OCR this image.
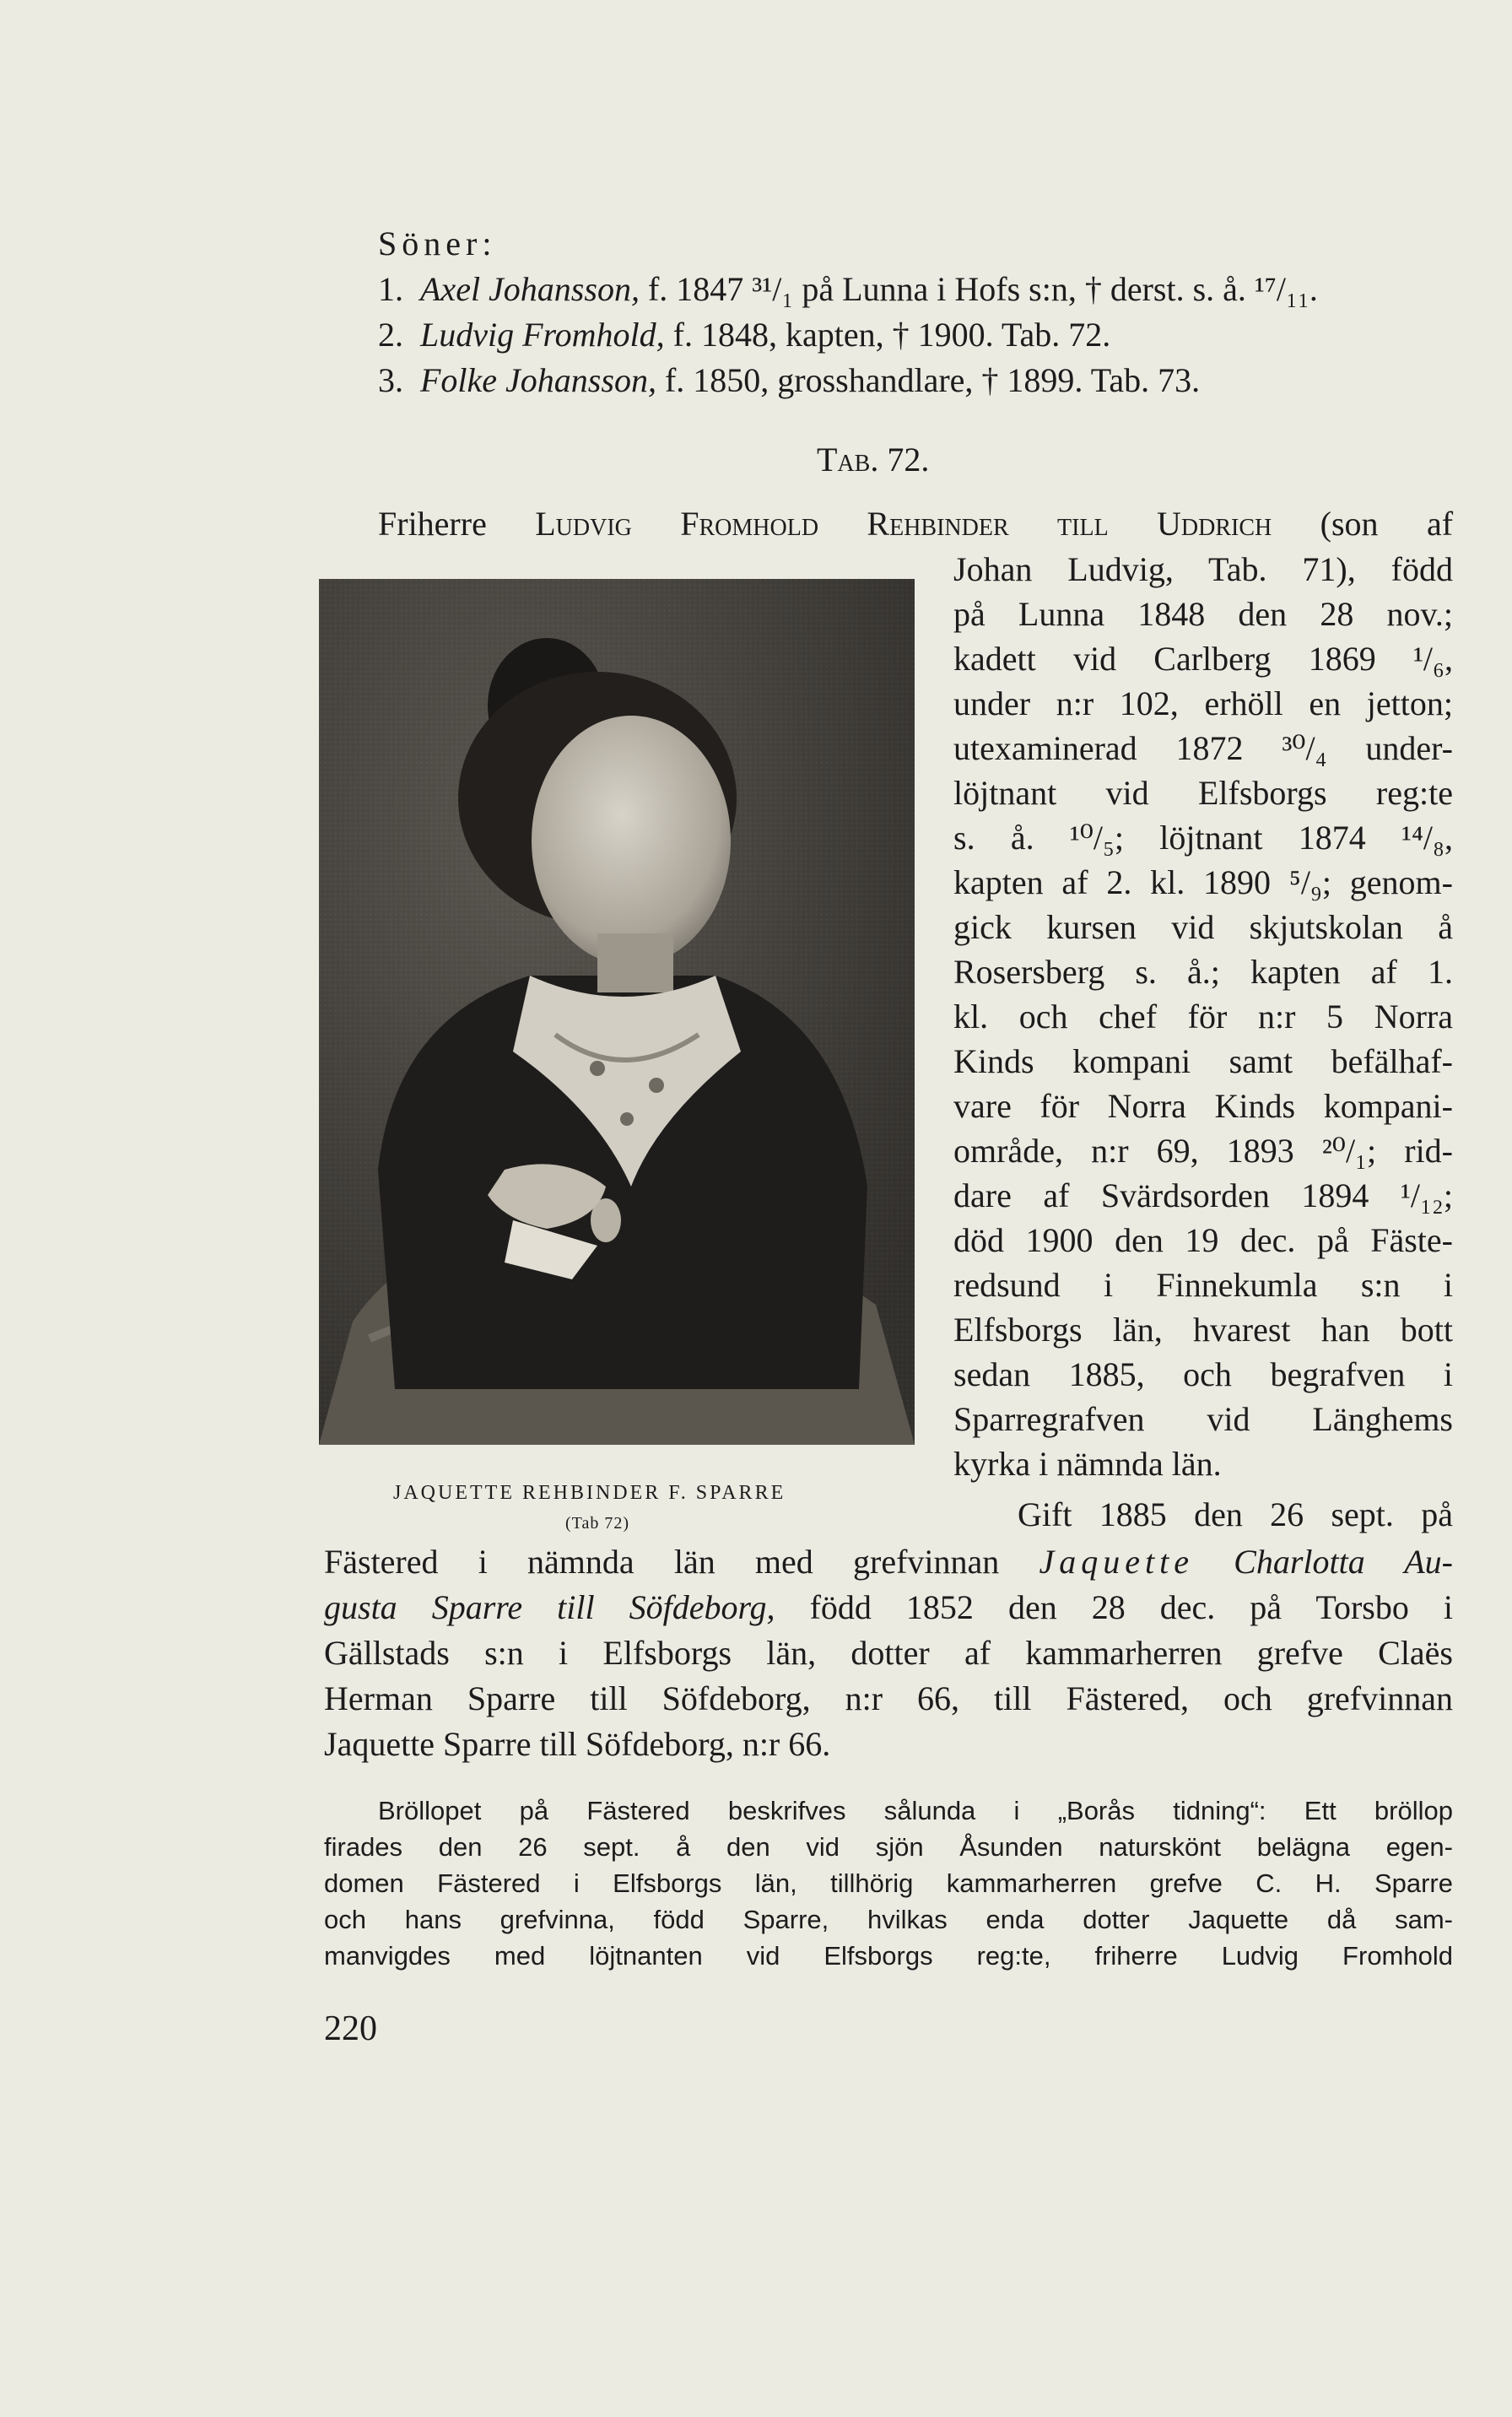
Söner:
1. Axel Johansson, f. 1847 ³¹/₁ på Lunna i Hofs s:n, † derst. s. å. ¹⁷/₁₁.
2. Ludvig Fromhold, f. 1848, kapten, † 1900. Tab. 72.
3. Folke Johansson, f. 1850, grosshandlare, † 1899. Tab. 73.
Tab. 72.
Friherre Ludvig Fromhold Rehbinder till Uddrich (son af
JAQUETTE REHBINDER F. SPARRE
(Tab 72)
Johan Ludvig, Tab. 71), född
på Lunna 1848 den 28 nov.;
kadett vid Carlberg 1869 ¹/₆,
under n:r 102, erhöll en jetton;
utexaminerad 1872 ³⁰/₄ under-
löjtnant vid Elfsborgs reg:te
s. å. ¹⁰/₅; löjtnant 1874 ¹⁴/₈,
kapten af 2. kl. 1890 ⁵/₉; genom-
gick kursen vid skjutskolan å
Rosersberg s. å.; kapten af 1.
kl. och chef för n:r 5 Norra
Kinds kompani samt befälhaf-
vare för Norra Kinds kompani-
område, n:r 69, 1893 ²⁰/₁; rid-
dare af Svärdsorden 1894 ¹/₁₂;
död 1900 den 19 dec. på Fäste-
redsund i Finnekumla s:n i
Elfsborgs län, hvarest han bott
sedan 1885, och begrafven i
Sparregrafven vid Länghems
kyrka i nämnda län.
Gift 1885 den 26 sept. på
Fästered i nämnda län med grefvinnan Jaquette Charlotta Au-
gusta Sparre till Söfdeborg, född 1852 den 28 dec. på Torsbo i
Gällstads s:n i Elfsborgs län, dotter af kammarherren grefve Claës
Herman Sparre till Söfdeborg, n:r 66, till Fästered, och grefvinnan
Jaquette Sparre till Söfdeborg, n:r 66.
Bröllopet på Fästered beskrifves sålunda i „Borås tidning“: Ett bröllop
firades den 26 sept. å den vid sjön Åsunden naturskönt belägna egen-
domen Fästered i Elfsborgs län, tillhörig kammarherren grefve C. H. Sparre
och hans grefvinna, född Sparre, hvilkas enda dotter Jaquette då sam-
manvigdes med löjtnanten vid Elfsborgs reg:te, friherre Ludvig Fromhold
220
